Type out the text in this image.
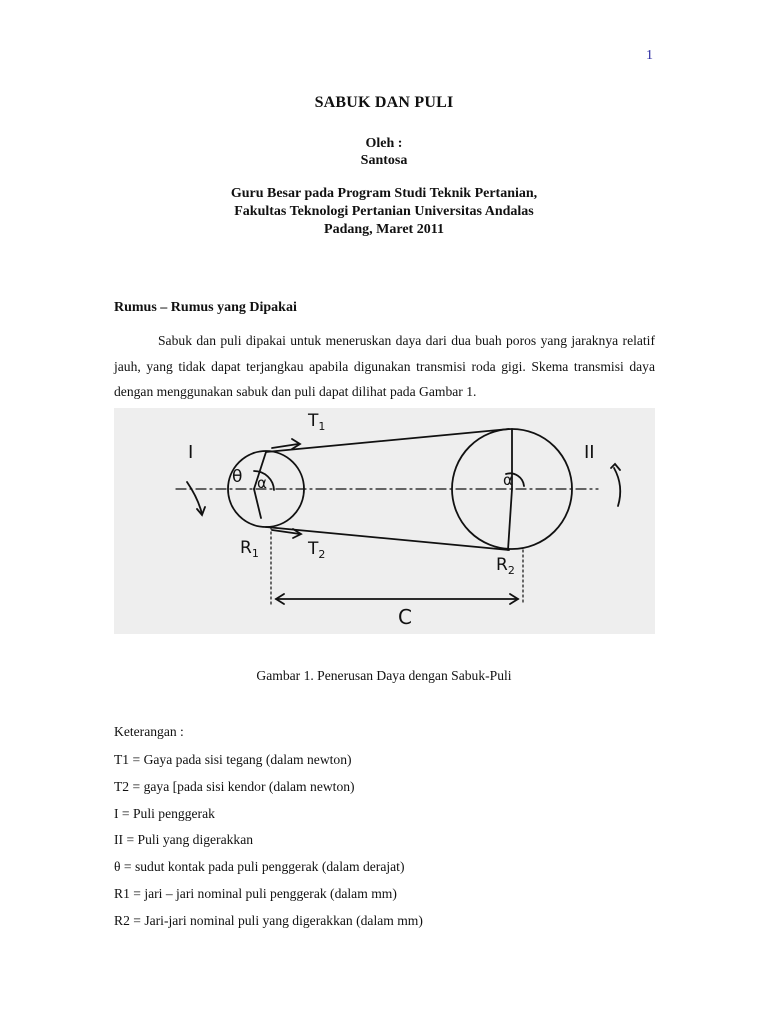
1
SABUK DAN PULI
Oleh :
Santosa
Guru Besar pada Program Studi Teknik Pertanian,
Fakultas Teknologi Pertanian Universitas Andalas
Padang, Maret 2011
Rumus – Rumus yang Dipakai
Sabuk dan puli dipakai untuk meneruskan daya dari dua buah poros yang jaraknya relatif jauh, yang tidak dapat terjangkau apabila digunakan transmisi roda gigi. Skema transmisi daya dengan menggunakan sabuk dan puli dapat dilihat pada Gambar 1.
I	II
$T_1$
$T_2$
θ α	α
$R_1$
$R_2$
C
Gambar 1. Penerusan Daya dengan Sabuk-Puli
Keterangan :
T1 = Gaya pada sisi tegang (dalam newton)
T2 = gaya [pada sisi kendor (dalam newton)
I = Puli penggerak
II = Puli yang digerakkan
θ = sudut kontak pada puli penggerak (dalam derajat)
R1 = jari – jari nominal puli penggerak (dalam mm)
R2 = Jari-jari nominal puli yang digerakkan (dalam mm)
